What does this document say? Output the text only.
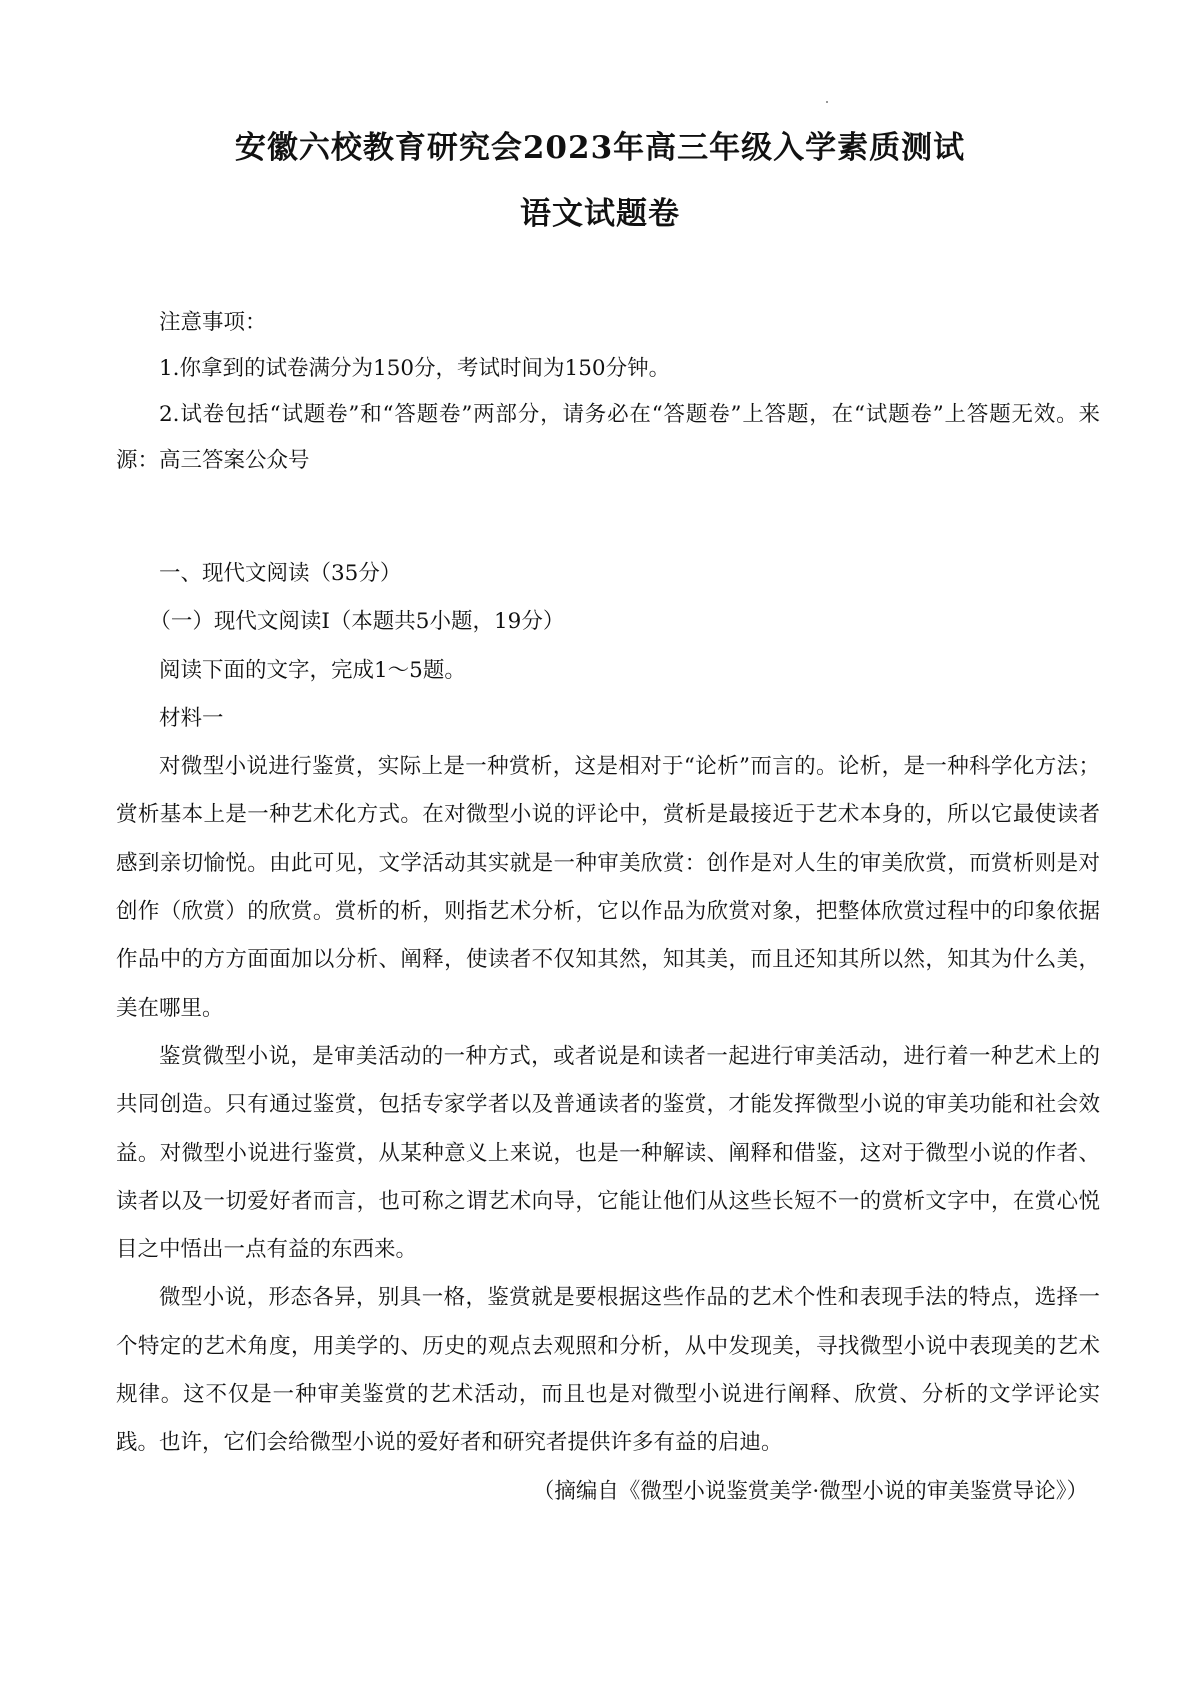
安徽六校教育研究会2023年高三年级入学素质测试
语文试题卷

注意事项：

1.你拿到的试卷满分为150分，考试时间为150分钟。

2.试卷包括“试题卷”和“答题卷”两部分，请务必在“答题卷”上答题，在“试题卷”上答题无效。来源：高三答案公众号

一、现代文阅读（35分）

（一）现代文阅读I（本题共5小题，19分）

阅读下面的文字，完成1～5题。

材料一

对微型小说进行鉴赏，实际上是一种赏析，这是相对于“论析”而言的。论析，是一种科学化方法；赏析基本上是一种艺术化方式。在对微型小说的评论中，赏析是最接近于艺术本身的，所以它最使读者感到亲切愉悦。由此可见，文学活动其实就是一种审美欣赏：创作是对人生的审美欣赏，而赏析则是对创作（欣赏）的欣赏。赏析的析，则指艺术分析，它以作品为欣赏对象，把整体欣赏过程中的印象依据作品中的方方面面加以分析、阐释，使读者不仅知其然，知其美，而且还知其所以然，知其为什么美，美在哪里。

鉴赏微型小说，是审美活动的一种方式，或者说是和读者一起进行审美活动，进行着一种艺术上的共同创造。只有通过鉴赏，包括专家学者以及普通读者的鉴赏，才能发挥微型小说的审美功能和社会效益。对微型小说进行鉴赏，从某种意义上来说，也是一种解读、阐释和借鉴，这对于微型小说的作者、读者以及一切爱好者而言，也可称之谓艺术向导，它能让他们从这些长短不一的赏析文字中，在赏心悦目之中悟出一点有益的东西来。

微型小说，形态各异，别具一格，鉴赏就是要根据这些作品的艺术个性和表现手法的特点，选择一个特定的艺术角度，用美学的、历史的观点去观照和分析，从中发现美，寻找微型小说中表现美的艺术规律。这不仅是一种审美鉴赏的艺术活动，而且也是对微型小说进行阐释、欣赏、分析的文学评论实践。也许，它们会给微型小说的爱好者和研究者提供许多有益的启迪。

（摘编自《微型小说鉴赏美学·微型小说的审美鉴赏导论》）
